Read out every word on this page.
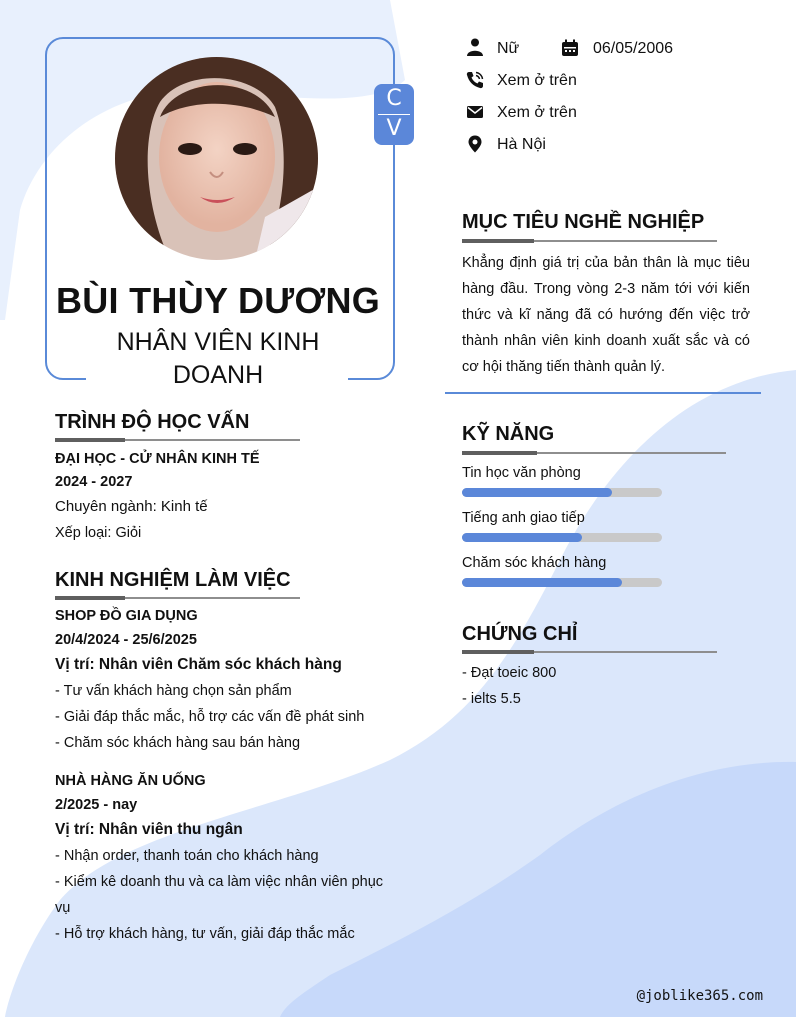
C
V
BÙI THÙY DƯƠNG
NHÂN VIÊN KINH
DOANH
Nữ	06/05/2006
Xem ở trên
Xem ở trên
Hà Nội
MỤC TIÊU NGHỀ NGHIỆP
Khẳng định giá trị của bản thân là mục tiêu hàng đầu. Trong vòng 2-3 năm tới với kiến thức và kĩ năng đã có hướng đến việc trở thành nhân viên kinh doanh xuất sắc và có cơ hội thăng tiến thành quản lý.
TRÌNH ĐỘ HỌC VẤN
ĐẠI HỌC - CỬ NHÂN KINH TẾ
2024 - 2027
Chuyên ngành: Kinh tế
Xếp loại: Giỏi
KINH NGHIỆM LÀM VIỆC
SHOP ĐỒ GIA DỤNG
20/4/2024 - 25/6/2025
Vị trí: Nhân viên Chăm sóc khách hàng
- Tư vấn khách hàng chọn sản phẩm
- Giải đáp thắc mắc, hỗ trợ các vấn đề phát sinh
- Chăm sóc khách hàng sau bán hàng
NHÀ HÀNG ĂN UỐNG
2/2025 - nay
Vị trí: Nhân viên thu ngân
- Nhận order, thanh toán cho khách hàng
- Kiểm kê doanh thu và ca làm việc nhân viên phục
vụ
- Hỗ trợ khách hàng, tư vấn, giải đáp thắc mắc
KỸ NĂNG
Tin học văn phòng
Tiếng anh giao tiếp
Chăm sóc khách hàng
CHỨNG CHỈ
- Đạt toeic 800
- ielts 5.5
@joblike365.com
